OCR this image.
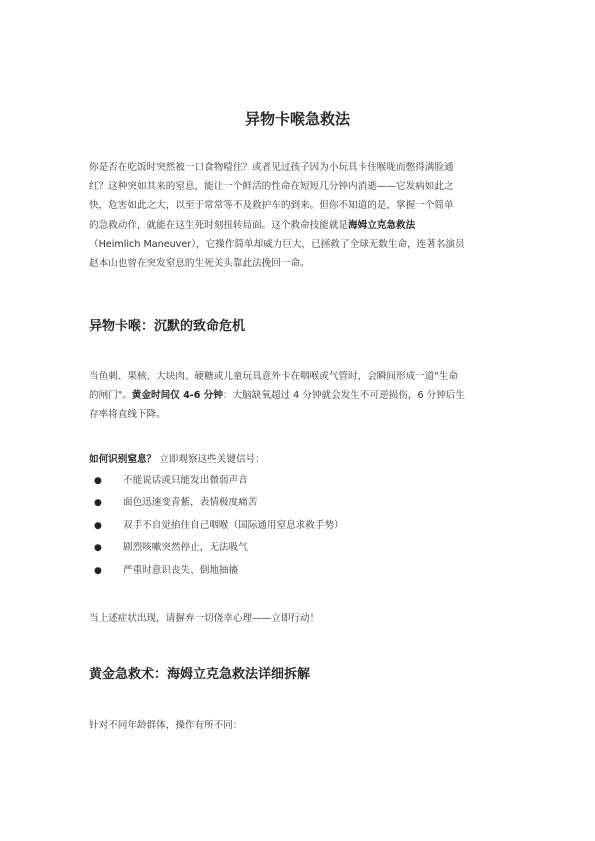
异物卡喉急救法
你是否在吃饭时突然被一口食物噎住？或者见过孩子因为小玩具卡住喉咙而憋得满脸通
红？这种突如其来的窒息，能让一个鲜活的性命在短短几分钟内消逝——它发病如此之
快，危害如此之大，以至于常常等不及救护车的到来。但你不知道的是，掌握一个简单
的急救动作，就能在这生死时刻扭转局面。这个救命技能就是海姆立克急救法
（Heimlich Maneuver），它操作简单却威力巨大，已拯救了全球无数生命，连著名演员
赵本山也曾在突发窒息的生死关头靠此法挽回一命。
异物卡喉：沉默的致命危机
当鱼刺、果核、大块肉、硬糖或儿童玩具意外卡在咽喉或气管时，会瞬间形成一道"生命
的闸门"。黄金时间仅 4-6 分钟：大脑缺氧超过 4 分钟就会发生不可逆损伤，6 分钟后生
存率将直线下降。
如何识别窒息？ 立即观察这些关键信号：
● 不能说话或只能发出微弱声音
● 面色迅速变青紫，表情极度痛苦
● 双手不自觉掐住自己咽喉（国际通用窒息求救手势）
● 剧烈咳嗽突然停止，无法吸气
● 严重时意识丧失、倒地抽搐
当上述症状出现，请摒弃一切侥幸心理——立即行动！
黄金急救术：海姆立克急救法详细拆解
针对不同年龄群体，操作有所不同：
